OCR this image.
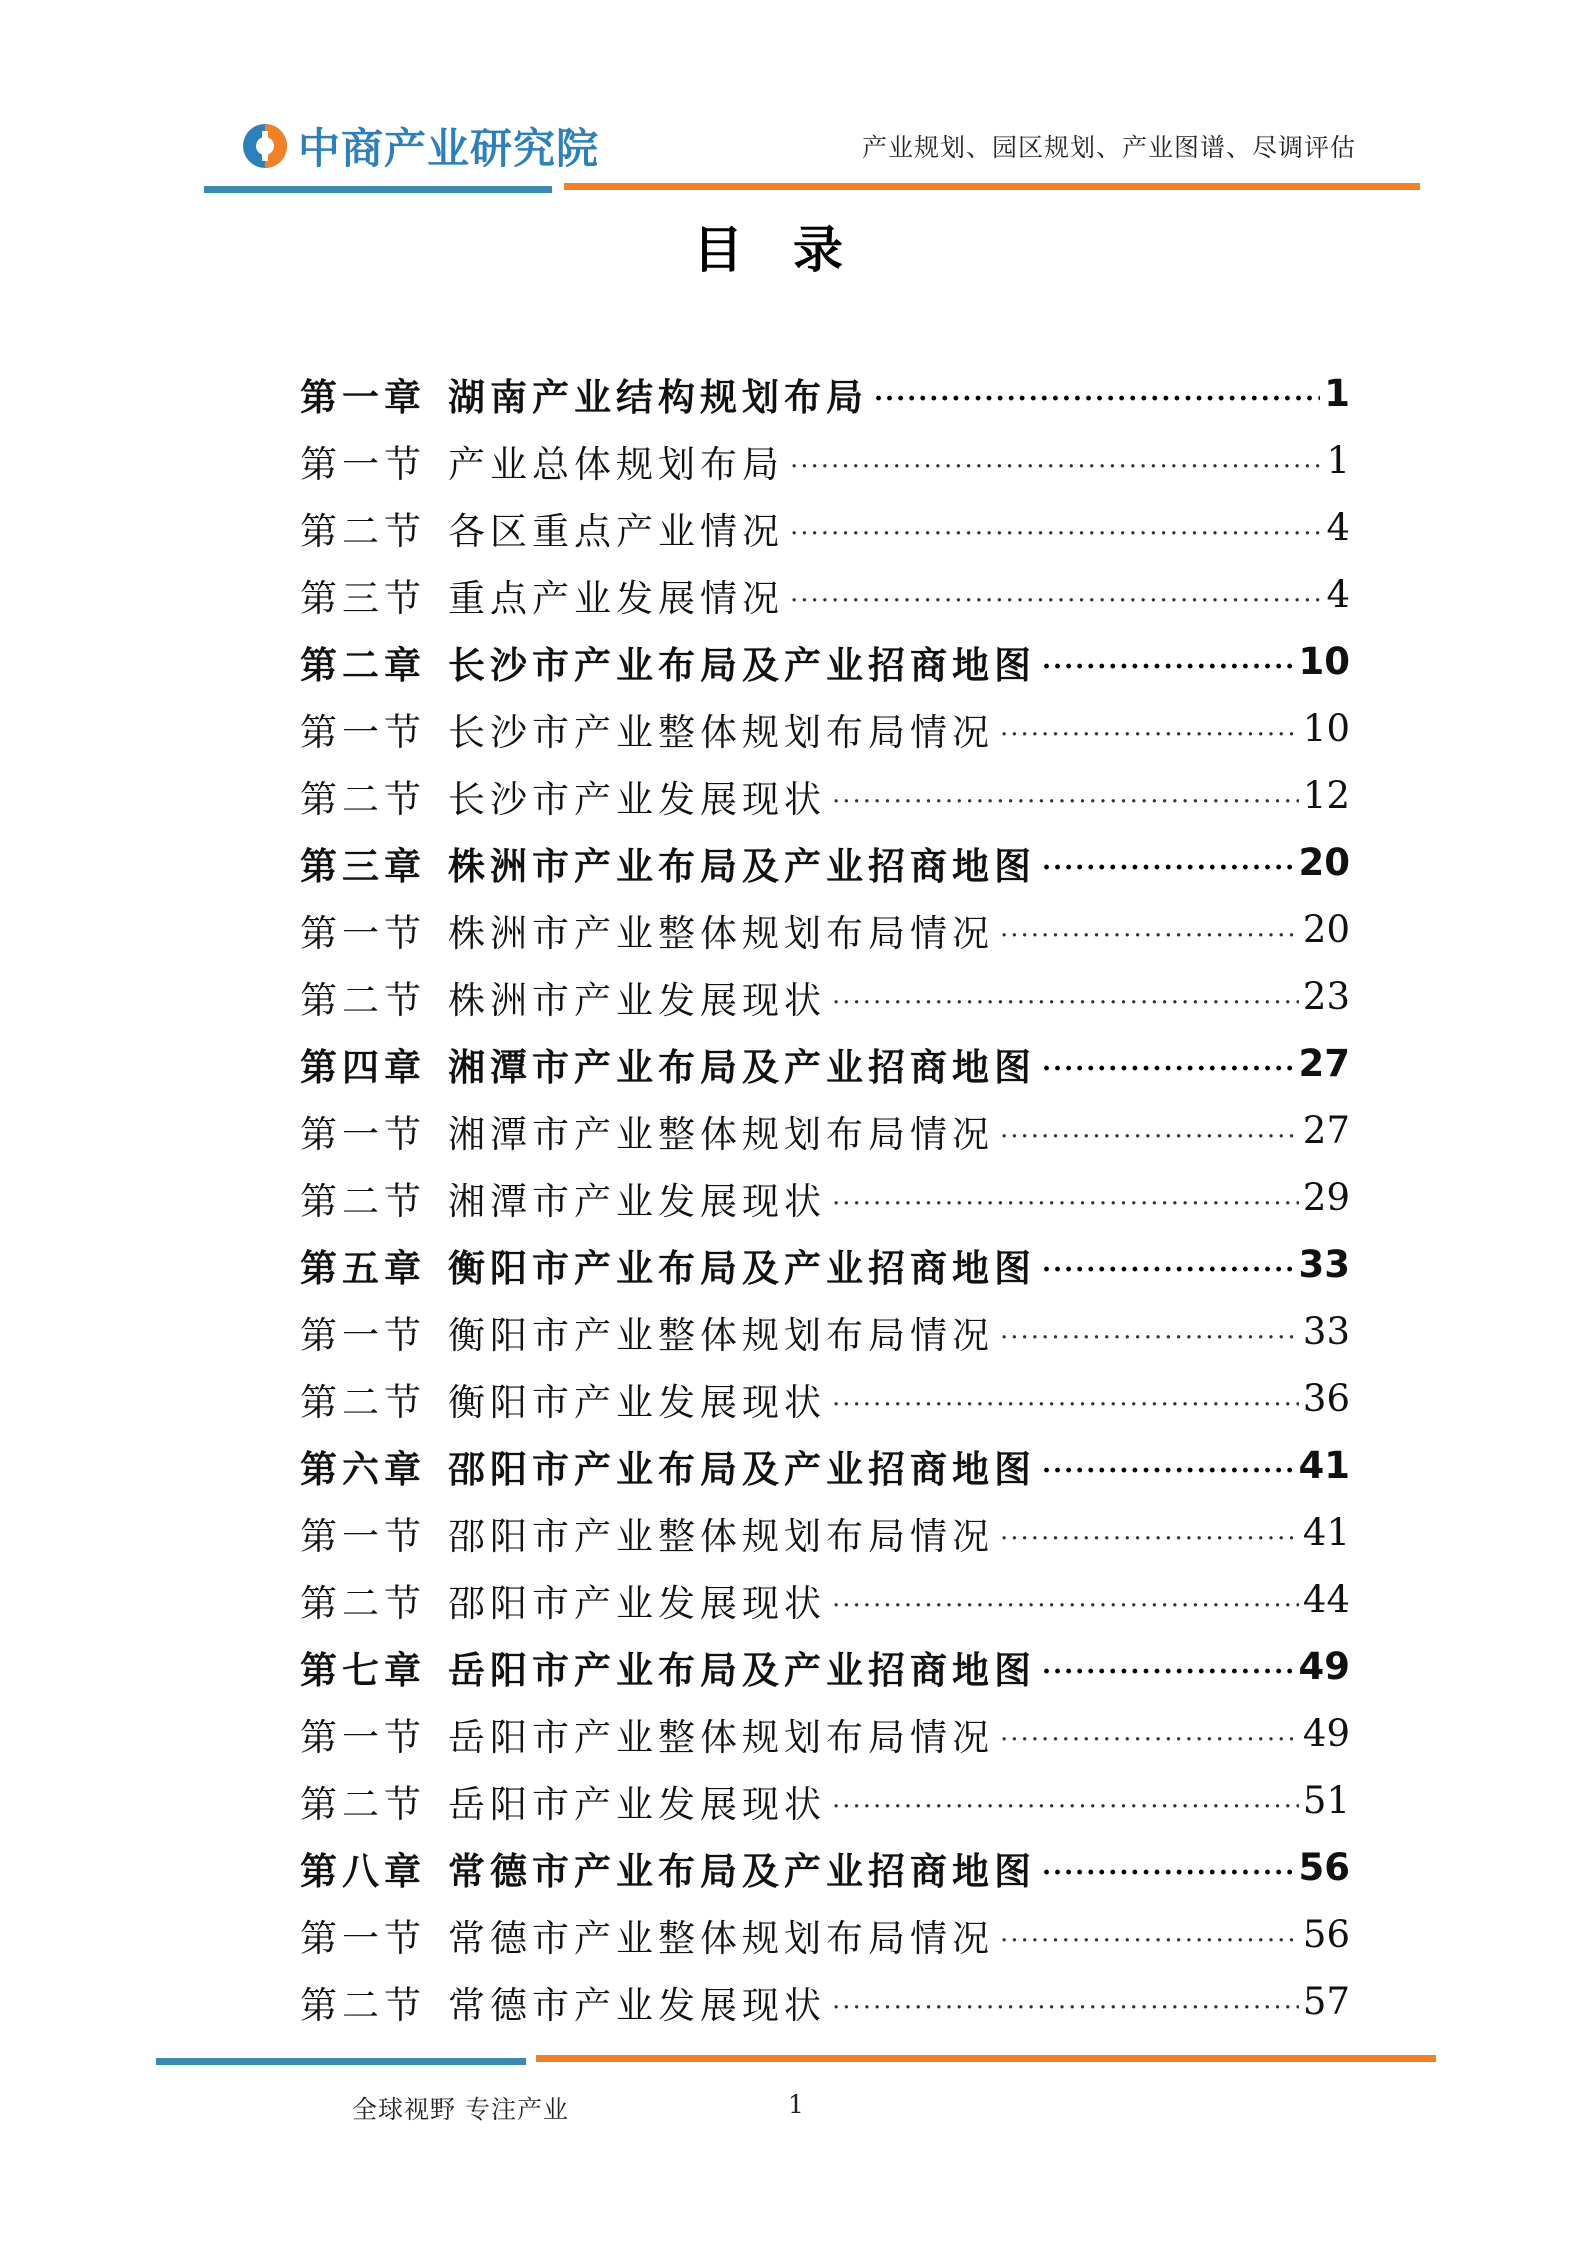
中商产业研究院	产业规划、园区规划、产业图谱、尽调评估
目录
第一章 湖南产业结构规划布局 .....	1
第一节 产业总体规划布局 .....	1
第二节 各区重点产业情况 .....	4
第三节 重点产业发展情况 .....	4
第二章 长沙市产业布局及产业招商地图 .....	10
第一节 长沙市产业整体规划布局情况 .....	10
第二节 长沙市产业发展现状 .....	12
第三章 株洲市产业布局及产业招商地图 .....	20
第一节 株洲市产业整体规划布局情况 .....	20
第二节 株洲市产业发展现状 .....	23
第四章 湘潭市产业布局及产业招商地图 .....	27
第一节 湘潭市产业整体规划布局情况 .....	27
第二节 湘潭市产业发展现状 .....	29
第五章 衡阳市产业布局及产业招商地图 .....	33
第一节 衡阳市产业整体规划布局情况 .....	33
第二节 衡阳市产业发展现状 .....	36
第六章 邵阳市产业布局及产业招商地图 .....	41
第一节 邵阳市产业整体规划布局情况 .....	41
第二节 邵阳市产业发展现状 .....	44
第七章 岳阳市产业布局及产业招商地图 .....	49
第一节 岳阳市产业整体规划布局情况 .....	49
第二节 岳阳市产业发展现状 .....	51
第八章 常德市产业布局及产业招商地图 .....	56
第一节 常德市产业整体规划布局情况 .....	56
第二节 常德市产业发展现状 .....	57
全球视野 专注产业	1
